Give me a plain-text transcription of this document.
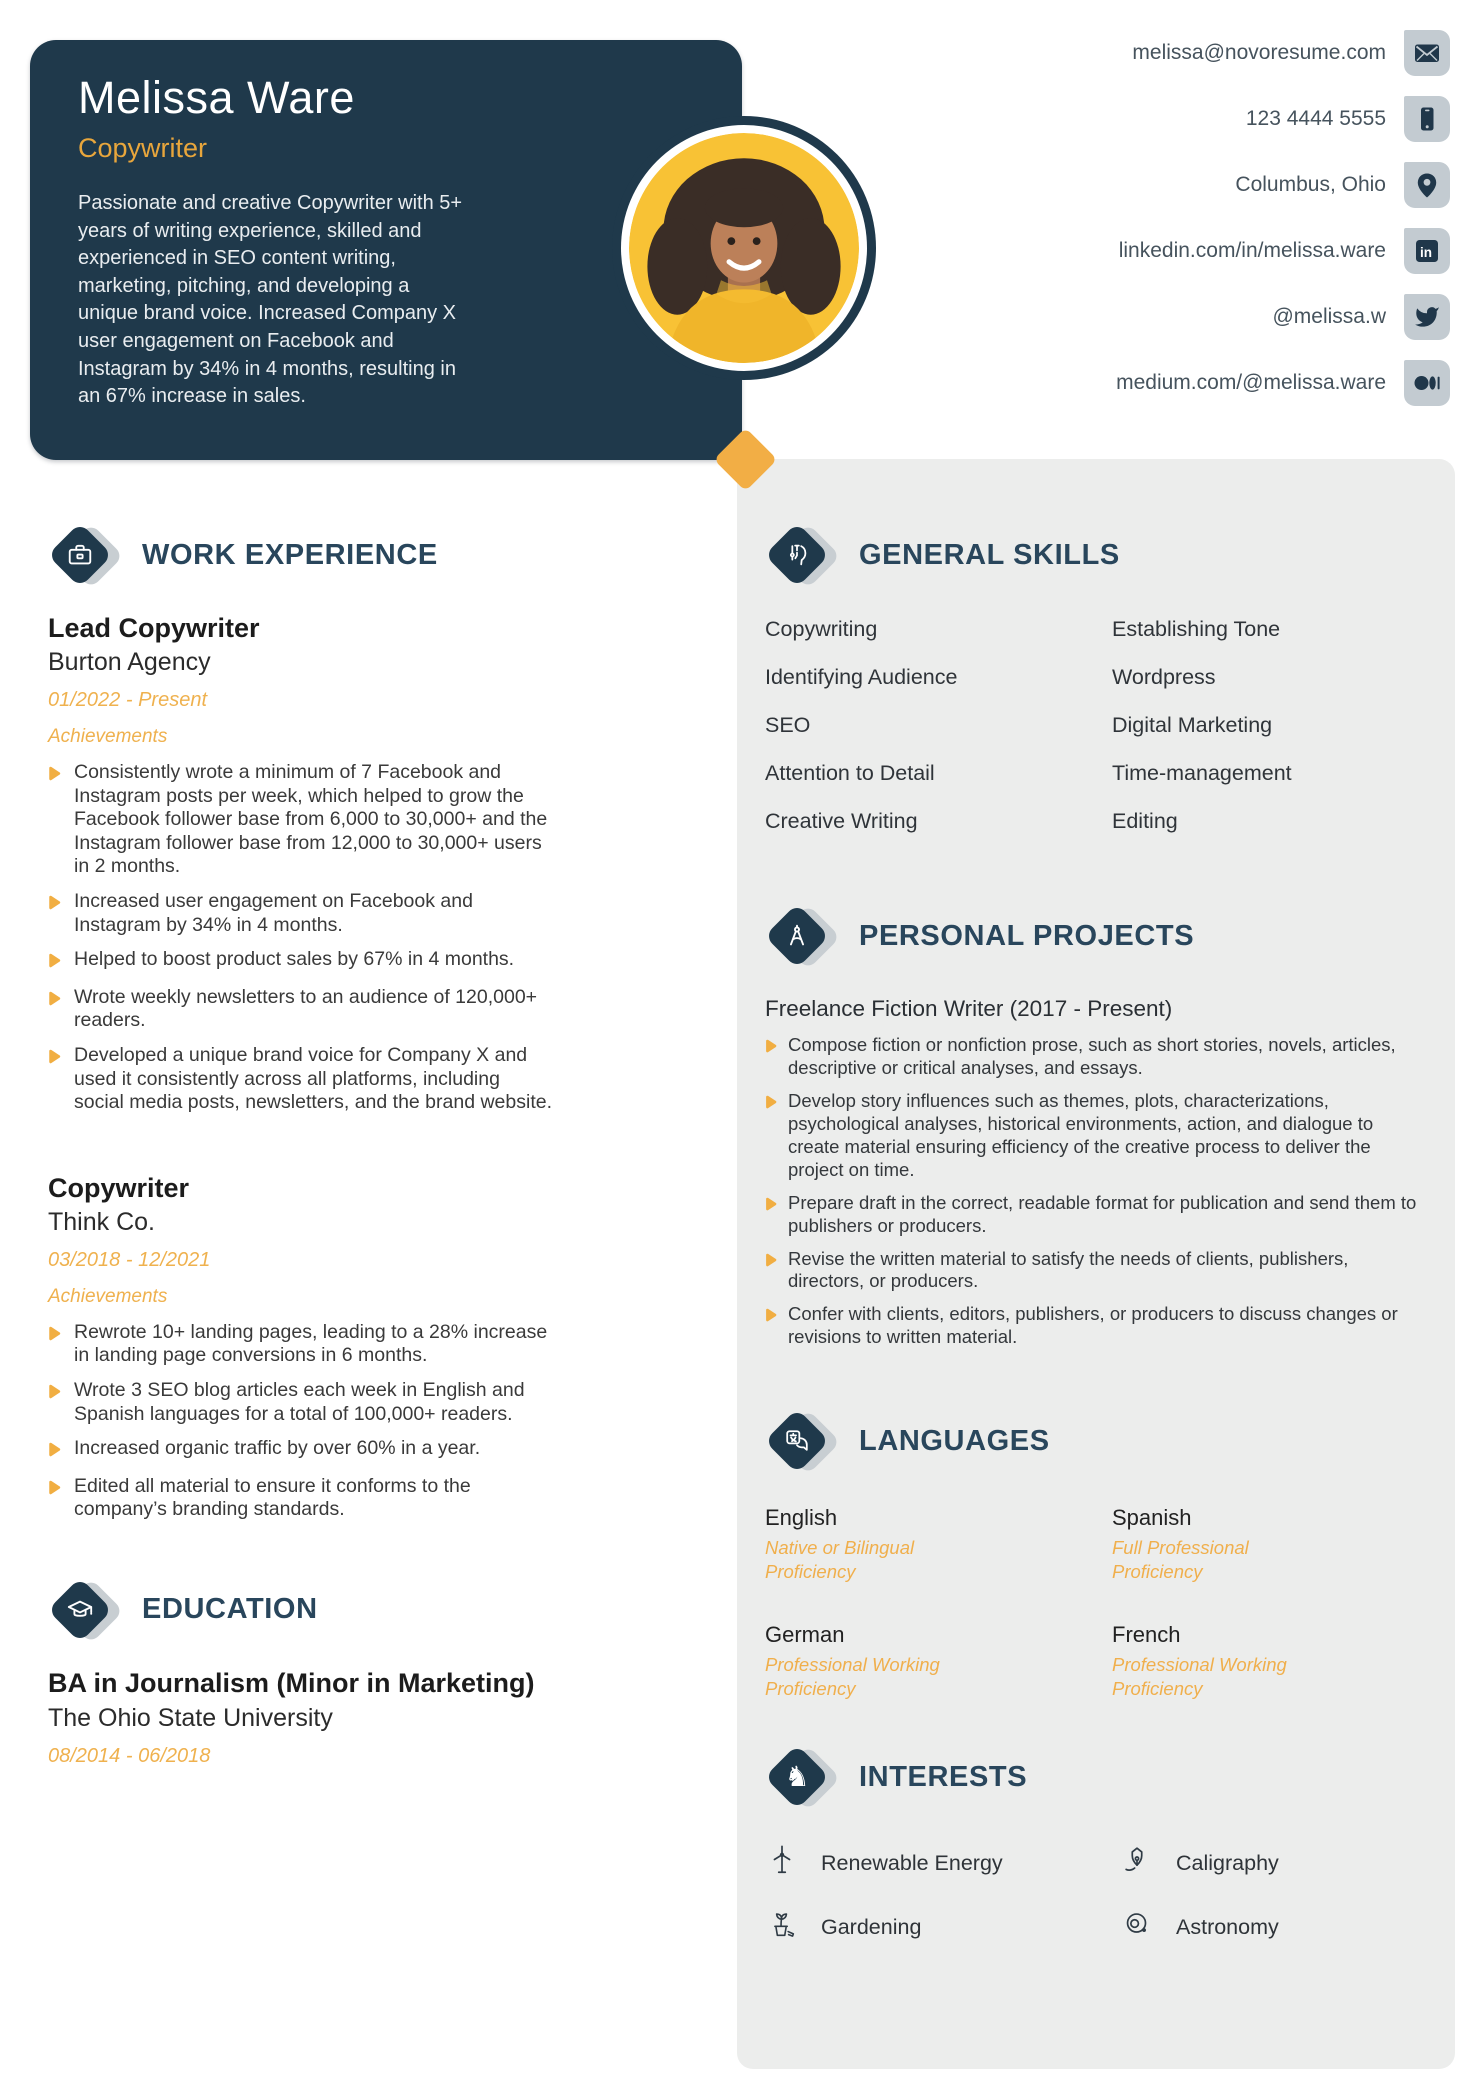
Melissa Ware
Copywriter
Passionate and creative Copywriter with 5+ years of writing experience, skilled and experienced in SEO content writing, marketing, pitching, and developing a unique brand voice. Increased Company X user engagement on Facebook and Instagram by 34% in 4 months, resulting in an 67% increase in sales.
melissa@novoresume.com
123 4444 5555
Columbus, Ohio
linkedin.com/in/melissa.ware	in
@melissa.w
medium.com/@melissa.ware
WORK EXPERIENCE
Lead Copywriter
Burton Agency
01/2022 - Present
Achievements
Consistently wrote a minimum of 7 Facebook and Instagram posts per week, which helped to grow the Facebook follower base from 6,000 to 30,000+ and the Instagram follower base from 12,000 to 30,000+ users in 2 months.
Increased user engagement on Facebook and Instagram by 34% in 4 months.
Helped to boost product sales by 67% in 4 months.
Wrote weekly newsletters to an audience of 120,000+ readers.
Developed a unique brand voice for Company X and used it consistently across all platforms, including social media posts, newsletters, and the brand website.
Copywriter
Think Co.
03/2018 - 12/2021
Achievements
Rewrote 10+ landing pages, leading to a 28% increase in landing page conversions in 6 months.
Wrote 3 SEO blog articles each week in English and Spanish languages for a total of 100,000+ readers.
Increased organic traffic by over 60% in a year.
Edited all material to ensure it conforms to the company’s branding standards.
EDUCATION
BA in Journalism (Minor in Marketing)
The Ohio State University
08/2014 - 06/2018
GENERAL SKILLS
Copywriting	Establishing Tone
Identifying Audience	Wordpress
SEO	Digital Marketing
Attention to Detail	Time-management
Creative Writing	Editing
PERSONAL PROJECTS
Freelance Fiction Writer (2017 - Present)
Compose fiction or nonfiction prose, such as short stories, novels, articles, descriptive or critical analyses, and essays.
Develop story influences such as themes, plots, characterizations, psychological analyses, historical environments, action, and dialogue to create material ensuring efficiency of the creative process to deliver the project on time.
Prepare draft in the correct, readable format for publication and send them to publishers or producers.
Revise the written material to satisfy the needs of clients, publishers, directors, or producers.
Confer with clients, editors, publishers, or producers to discuss changes or revisions to written material.
LANGUAGES
English
Native or Bilingual Proficiency
Spanish
Full Professional Proficiency
German
Professional Working Proficiency
French
Professional Working Proficiency
♞ INTERESTS
Renewable Energy	Caligraphy
Gardening	Astronomy
